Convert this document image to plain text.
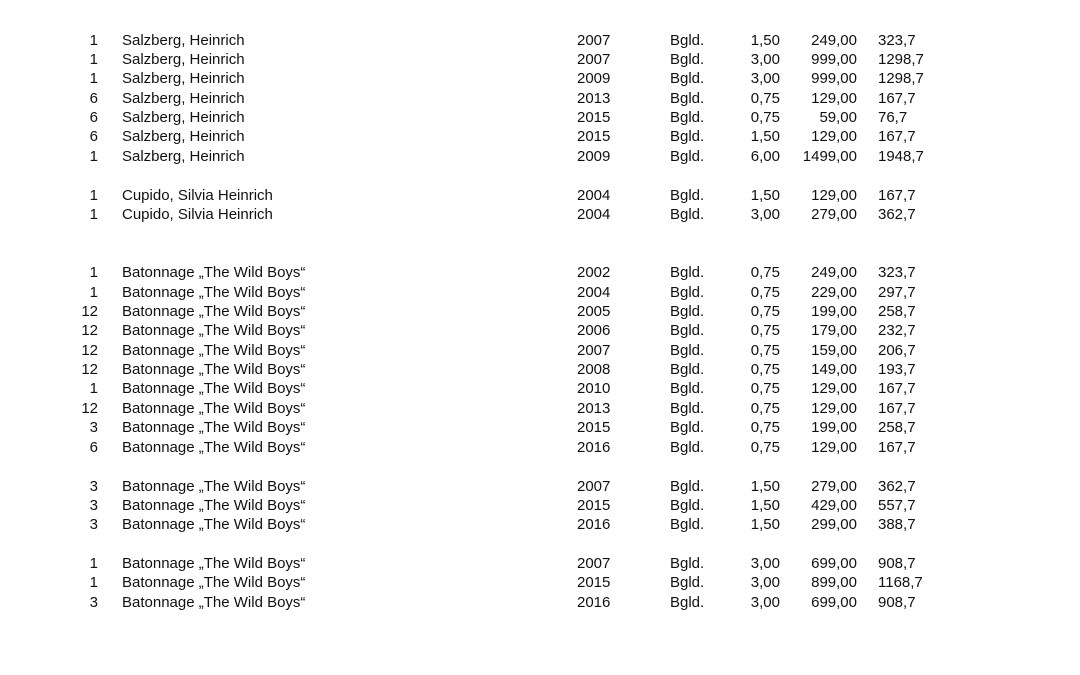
1 Salzberg, Heinrich	2007	Bgld.	1,50	249,00 323,7
1 Salzberg, Heinrich	2007	Bgld.	3,00	999,00 1298,7
1 Salzberg, Heinrich	2009	Bgld.	3,00	999,00 1298,7
6 Salzberg, Heinrich	2013	Bgld.	0,75	129,00 167,7
6 Salzberg, Heinrich	2015	Bgld.	0,75	59,00 76,7
6 Salzberg, Heinrich	2015	Bgld.	1,50	129,00 167,7
1 Salzberg, Heinrich	2009	Bgld.	6,00	1499,00 1948,7
1 Cupido, Silvia Heinrich	2004	Bgld.	1,50	129,00 167,7
1 Cupido, Silvia Heinrich	2004	Bgld.	3,00	279,00 362,7
1 Batonnage „The Wild Boys“	2002	Bgld.	0,75	249,00 323,7
1 Batonnage „The Wild Boys“	2004	Bgld.	0,75	229,00 297,7
12 Batonnage „The Wild Boys“	2005	Bgld.	0,75	199,00 258,7
12 Batonnage „The Wild Boys“	2006	Bgld.	0,75	179,00 232,7
12 Batonnage „The Wild Boys“	2007	Bgld.	0,75	159,00 206,7
12 Batonnage „The Wild Boys“	2008	Bgld.	0,75	149,00 193,7
1 Batonnage „The Wild Boys“	2010	Bgld.	0,75	129,00 167,7
12 Batonnage „The Wild Boys“	2013	Bgld.	0,75	129,00 167,7
3 Batonnage „The Wild Boys“	2015	Bgld.	0,75	199,00 258,7
6 Batonnage „The Wild Boys“	2016	Bgld.	0,75	129,00 167,7
3 Batonnage „The Wild Boys“	2007	Bgld.	1,50	279,00 362,7
3 Batonnage „The Wild Boys“	2015	Bgld.	1,50	429,00 557,7
3 Batonnage „The Wild Boys“	2016	Bgld.	1,50	299,00 388,7
1 Batonnage „The Wild Boys“	2007	Bgld.	3,00	699,00 908,7
1 Batonnage „The Wild Boys“	2015	Bgld.	3,00	899,00 1168,7
3 Batonnage „The Wild Boys“	2016	Bgld.	3,00	699,00 908,7
